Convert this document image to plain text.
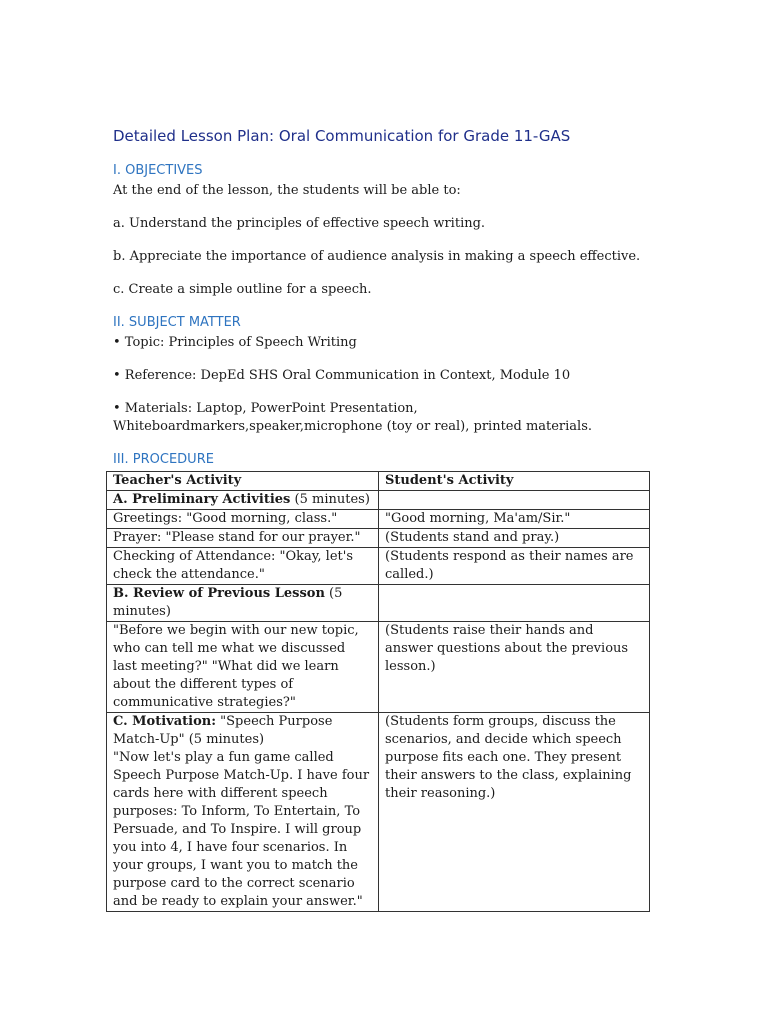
Detailed Lesson Plan: Oral Communication for Grade 11-GAS
I. OBJECTIVES
At the end of the lesson, the students will be able to:
a. Understand the principles of effective speech writing.
b. Appreciate the importance of audience analysis in making a speech effective.
c. Create a simple outline for a speech.
II. SUBJECT MATTER
• Topic: Principles of Speech Writing
• Reference: DepEd SHS Oral Communication in Context, Module 10
• Materials: Laptop, PowerPoint Presentation, Whiteboardmarkers,speaker,microphone (toy or real), printed materials.
III. PROCEDURE
Teacher's Activity	Student's Activity
A. Preliminary Activities (5 minutes)	
Greetings: "Good morning, class."	"Good morning, Ma'am/Sir."
Prayer: "Please stand for our prayer."	(Students stand and pray.)
Checking of Attendance: "Okay, let's check the attendance."	(Students respond as their names are called.)
B. Review of Previous Lesson (5 minutes)	
"Before we begin with our new topic, who can tell me what we discussed last meeting?" "What did we learn about the different types of communicative strategies?"	(Students raise their hands and answer questions about the previous lesson.)
C. Motivation: "Speech Purpose Match-Up" (5 minutes)
"Now let's play a fun game called Speech Purpose Match-Up. I have four cards here with different speech purposes: To Inform, To Entertain, To Persuade, and To Inspire. I will group you into 4, I have four scenarios. In your groups, I want you to match the purpose card to the correct scenario and be ready to explain your answer."	(Students form groups, discuss the scenarios, and decide which speech purpose fits each one. They present their answers to the class, explaining their reasoning.)
